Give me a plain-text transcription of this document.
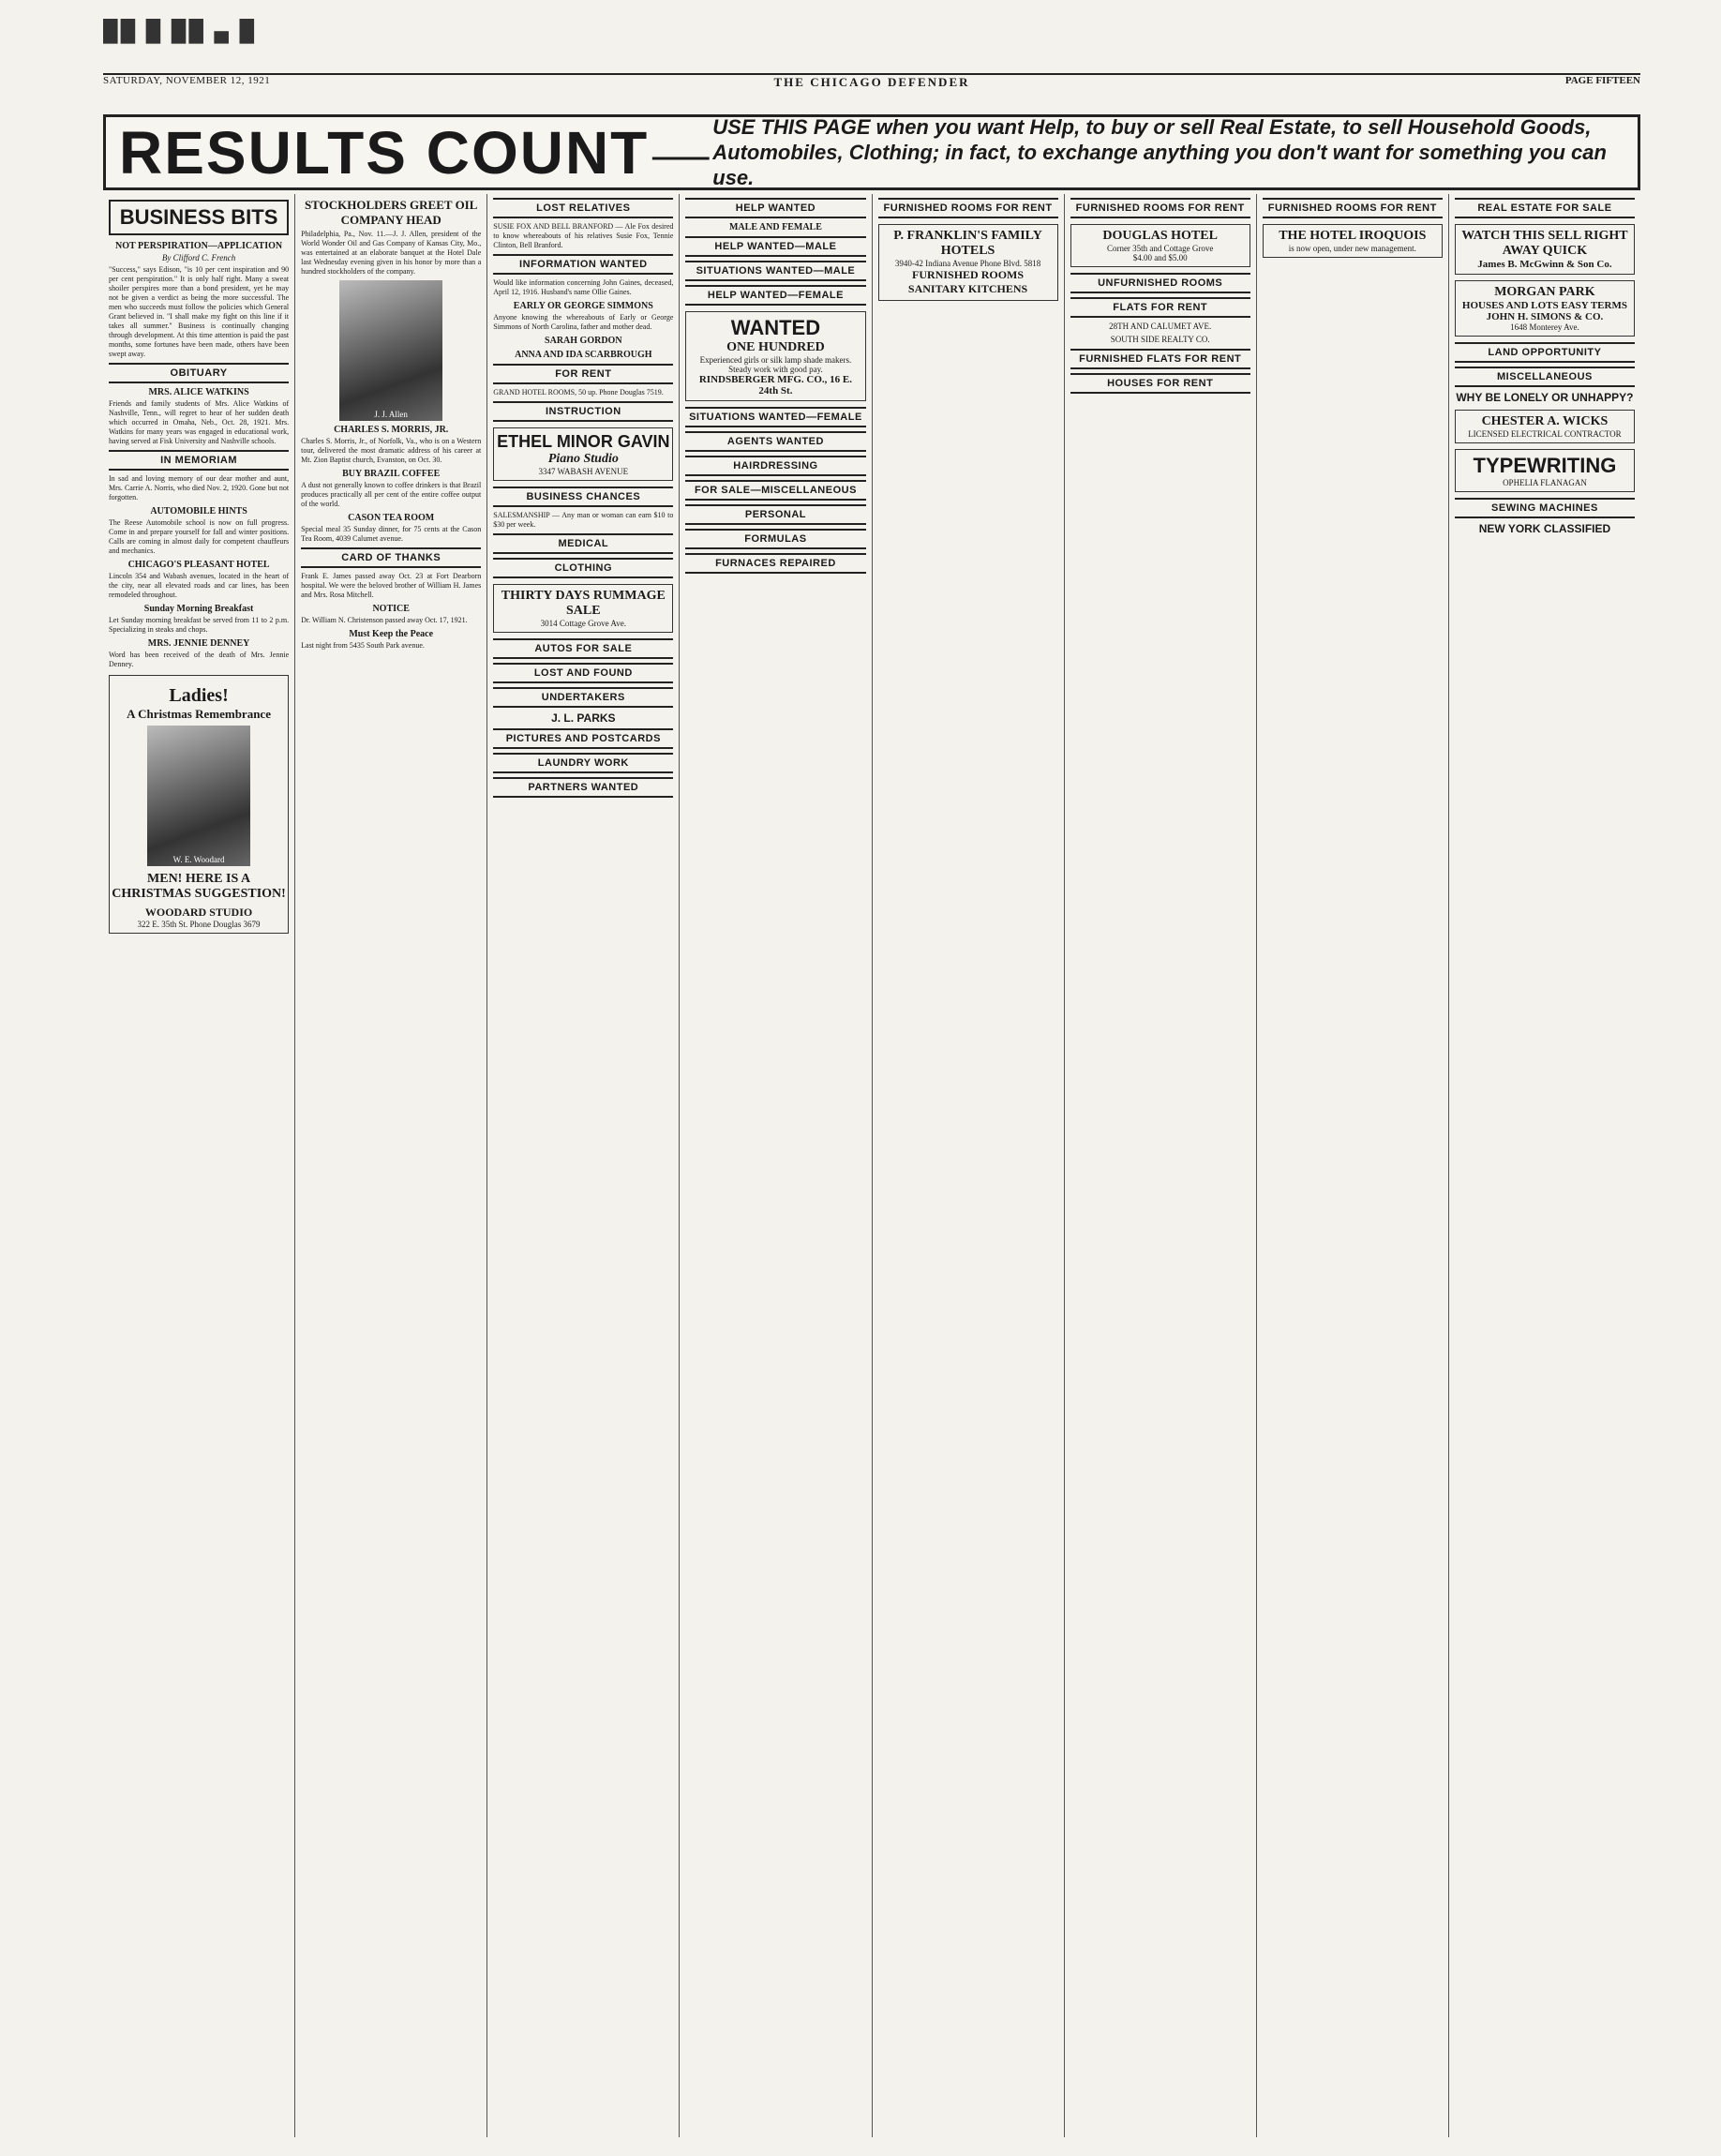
██ █ ██ ▄ █
SATURDAY, NOVEMBER 12, 1921	THE CHICAGO DEFENDER	PAGE FIFTEEN
RESULTS COUNT — USE THIS PAGE when you want Help, to buy or sell Real Estate, to sell Household Goods, Automobiles, Clothing; in fact, to exchange anything you don't want for something you can use.
BUSINESS BITS
NOT PERSPIRATION—APPLICATION
By Clifford C. French

"Success," says Edison, "is 10 per cent inspiration and 90 per cent perspiration." It is only half right. Many a sweat shoiler perspires more than a bond president, yet he may not be given a verdict as being the more successful. The men who succeeds must follow the policies which General Grant believed in. "I shall make my fight on this line if it takes all summer." Business is continually changing through development. At this time attention is paid the past months, some fortunes have been made, others have been swept away.

OBITUARY
MRS. ALICE WATKINS

Friends and family students of Mrs. Alice Watkins of Nashville, Tenn., will regret to hear of her sudden death which occurred in Omaha, Neb., Oct. 28, 1921. Mrs. Watkins for many years was engaged in educational work, having served at Fisk University and Nashville schools.

IN MEMORIAM

In sad and loving memory of our dear mother and aunt, Mrs. Carrie A. Norris, who died Nov. 2, 1920. Gone but not forgotten.

AUTOMOBILE HINTS

The Reese Automobile school is now on full progress. Come in and prepare yourself for fall and winter positions. Calls are coming in almost daily for competent chauffeurs and mechanics.

CHICAGO'S PLEASANT HOTEL

Lincoln 354 and Wabash avenues, located in the heart of the city, near all elevated roads and car lines, has been remodeled throughout.

Sunday Morning Breakfast

Let Sunday morning breakfast be served from 11 to 2 p.m. Specializing in steaks and chops.

MRS. JENNIE DENNEY

Word has been received of the death of Mrs. Jennie Denney.

Ladies!
A Christmas Remembrance
W. E. Woodard
MEN! HERE IS A CHRISTMAS SUGGESTION!
WOODARD STUDIO
322 E. 35th St. Phone Douglas 3679
STOCKHOLDERS GREET OIL COMPANY HEAD

Philadelphia, Pa., Nov. 11.—J. J. Allen, president of the World Wonder Oil and Gas Company of Kansas City, Mo., was entertained at an elaborate banquet at the Hotel Dale last Wednesday evening given in his honor by more than a hundred stockholders of the company.

J. J. Allen
CHARLES S. MORRIS, JR.

Charles S. Morris, Jr., of Norfolk, Va., who is on a Western tour, delivered the most dramatic address of his career at Mt. Zion Baptist church, Evanston, on Oct. 30.

BUY BRAZIL COFFEE

A dust not generally known to coffee drinkers is that Brazil produces practically all per cent of the entire coffee output of the world.

CASON TEA ROOM

Special meal 35 Sunday dinner, for 75 cents at the Cason Tea Room, 4039 Calumet avenue.

CARD OF THANKS

Frank E. James passed away Oct. 23 at Fort Dearborn hospital. We were the beloved brother of William H. James and Mrs. Rosa Mitchell.

NOTICE

Dr. William N. Christenson passed away Oct. 17, 1921.

Must Keep the Peace

Last night from 5435 South Park avenue.

LOST RELATIVES

SUSIE FOX AND BELL BRANFORD — Ale Fox desired to know whereabouts of his relatives Susie Fox, Tennie Clinton, Bell Branford.

INFORMATION WANTED

Would like information concerning John Gaines, deceased, April 12, 1916. Husband's name Ollie Gaines.

EARLY OR GEORGE SIMMONS

Anyone knowing the whereabouts of Early or George Simmons of North Carolina, father and mother dead.

SARAH GORDON
ANNA AND IDA SCARBROUGH
FOR RENT

GRAND HOTEL ROOMS, 50 up. Phone Douglas 7519.

INSTRUCTION
ETHEL MINOR GAVIN
Piano Studio
3347 WABASH AVENUE
BUSINESS CHANCES

SALESMANSHIP — Any man or woman can earn $10 to $30 per week.

MEDICAL
CLOTHING
THIRTY DAYS RUMMAGE SALE
3014 Cottage Grove Ave.
AUTOS FOR SALE
LOST AND FOUND
UNDERTAKERS
J. L. PARKS
PICTURES AND POSTCARDS
LAUNDRY WORK
PARTNERS WANTED
HELP WANTED
MALE AND FEMALE
HELP WANTED—MALE
SITUATIONS WANTED—MALE
HELP WANTED—FEMALE
WANTED
ONE HUNDRED
Experienced girls or silk lamp shade makers. Steady work with good pay.
RINDSBERGER MFG. CO., 16 E. 24th St.
SITUATIONS WANTED—FEMALE
AGENTS WANTED
HAIRDRESSING
FOR SALE—MISCELLANEOUS
PERSONAL
FORMULAS
FURNACES REPAIRED
FURNISHED ROOMS FOR RENT
P. FRANKLIN'S FAMILY HOTELS
3940-42 Indiana Avenue Phone Blvd. 5818
FURNISHED ROOMS
SANITARY KITCHENS
FURNISHED ROOMS FOR RENT
DOUGLAS HOTEL
Corner 35th and Cottage Grove
$4.00 and $5.00
UNFURNISHED ROOMS
FLATS FOR RENT
28TH AND CALUMET AVE.
SOUTH SIDE REALTY CO.
FURNISHED FLATS FOR RENT
HOUSES FOR RENT
FURNISHED ROOMS FOR RENT
THE HOTEL IROQUOIS
is now open, under new management.
REAL ESTATE FOR SALE
WATCH THIS SELL RIGHT AWAY QUICK
James B. McGwinn & Son Co.
MORGAN PARK
HOUSES AND LOTS EASY TERMS
JOHN H. SIMONS & CO.
1648 Monterey Ave.
LAND OPPORTUNITY
MISCELLANEOUS
WHY BE LONELY OR UNHAPPY?
CHESTER A. WICKS
LICENSED ELECTRICAL CONTRACTOR
TYPEWRITING
OPHELIA FLANAGAN
SEWING MACHINES
NEW YORK CLASSIFIED
